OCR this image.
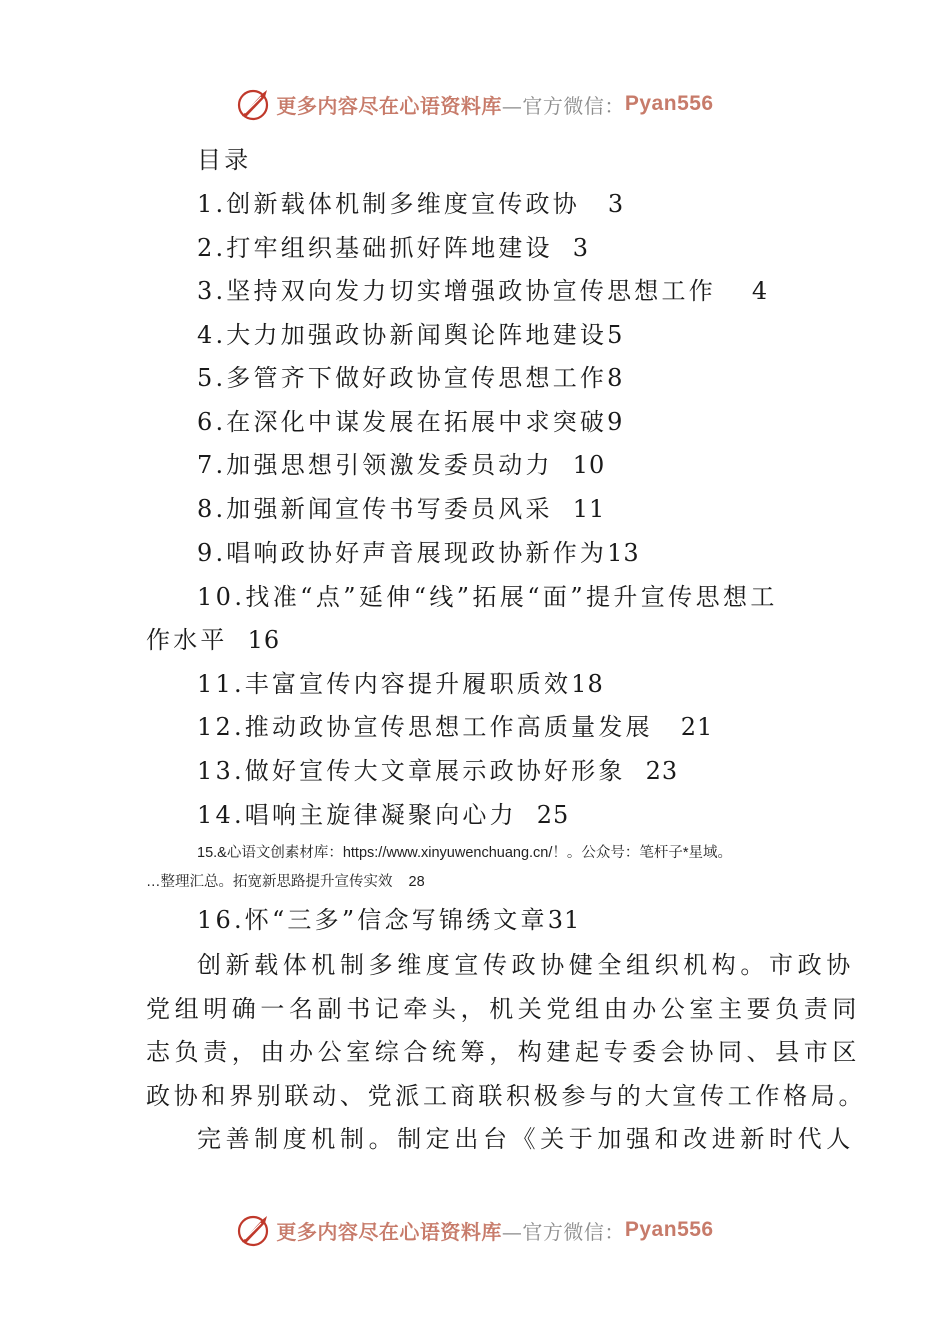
更多内容尽在心语资料库 —官方微信： Pyan556
目录
1.创新载体机制多维度宣传政协 3
2.打牢组织基础抓好阵地建设 3
3.坚持双向发力切实增强政协宣传思想工作 4
4.大力加强政协新闻舆论阵地建设5
5.多管齐下做好政协宣传思想工作8
6.在深化中谋发展在拓展中求突破9
7.加强思想引领激发委员动力 10
8.加强新闻宣传书写委员风采 11
9.唱响政协好声音展现政协新作为13
10.找准“点”延伸“线”拓展“面”提升宣传思想工
作水平 16
11.丰富宣传内容提升履职质效18
12.推动政协宣传思想工作高质量发展 21
13.做好宣传大文章展示政协好形象 23
14.唱响主旋律凝聚向心力 25
15.&心语文创素材库：https://www.xinyuwenchuang.cn/！。公众号：笔杆子*星域。
…整理汇总。拓宽新思路提升宣传实效 28
16.怀“三多”信念写锦绣文章31
创新载体机制多维度宣传政协健全组织机构。市政协
党组明确一名副书记牵头，机关党组由办公室主要负责同
志负责，由办公室综合统筹，构建起专委会协同、县市区
政协和界别联动、党派工商联积极参与的大宣传工作格局。
完善制度机制。制定出台《关于加强和改进新时代人
更多内容尽在心语资料库 —官方微信： Pyan556
